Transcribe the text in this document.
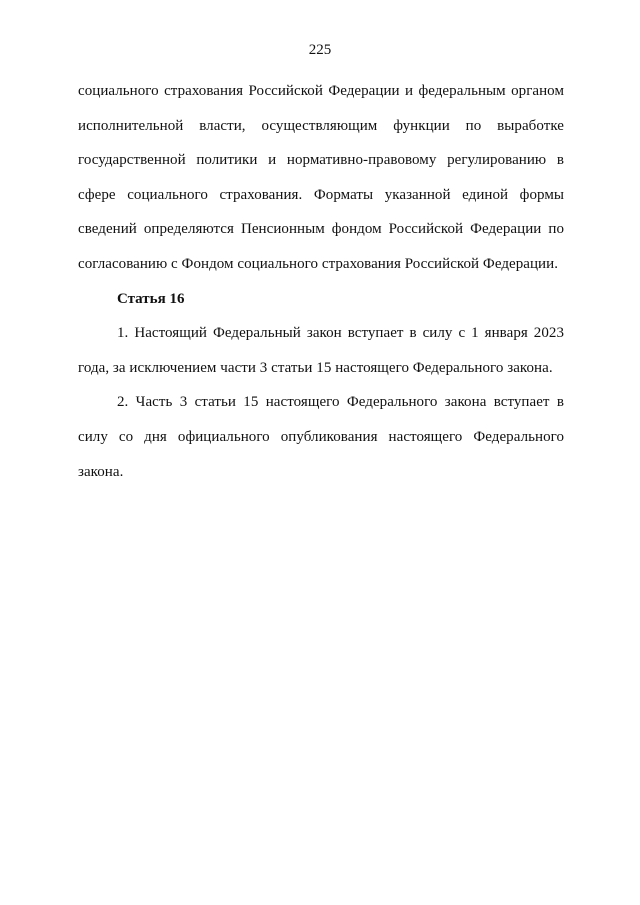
225

социального страхования Российской Федерации и федеральным органом исполнительной власти, осуществляющим функции по выработке государственной политики и нормативно-правовому регулированию в сфере социального страхования. Форматы указанной единой формы сведений определяются Пенсионным фондом Российской Федерации по согласованию с Фондом социального страхования Российской Федерации.

Статья 16

1. Настоящий Федеральный закон вступает в силу с 1 января 2023 года, за исключением части 3 статьи 15 настоящего Федерального закона.

2. Часть 3 статьи 15 настоящего Федерального закона вступает в силу со дня официального опубликования настоящего Федерального закона.
